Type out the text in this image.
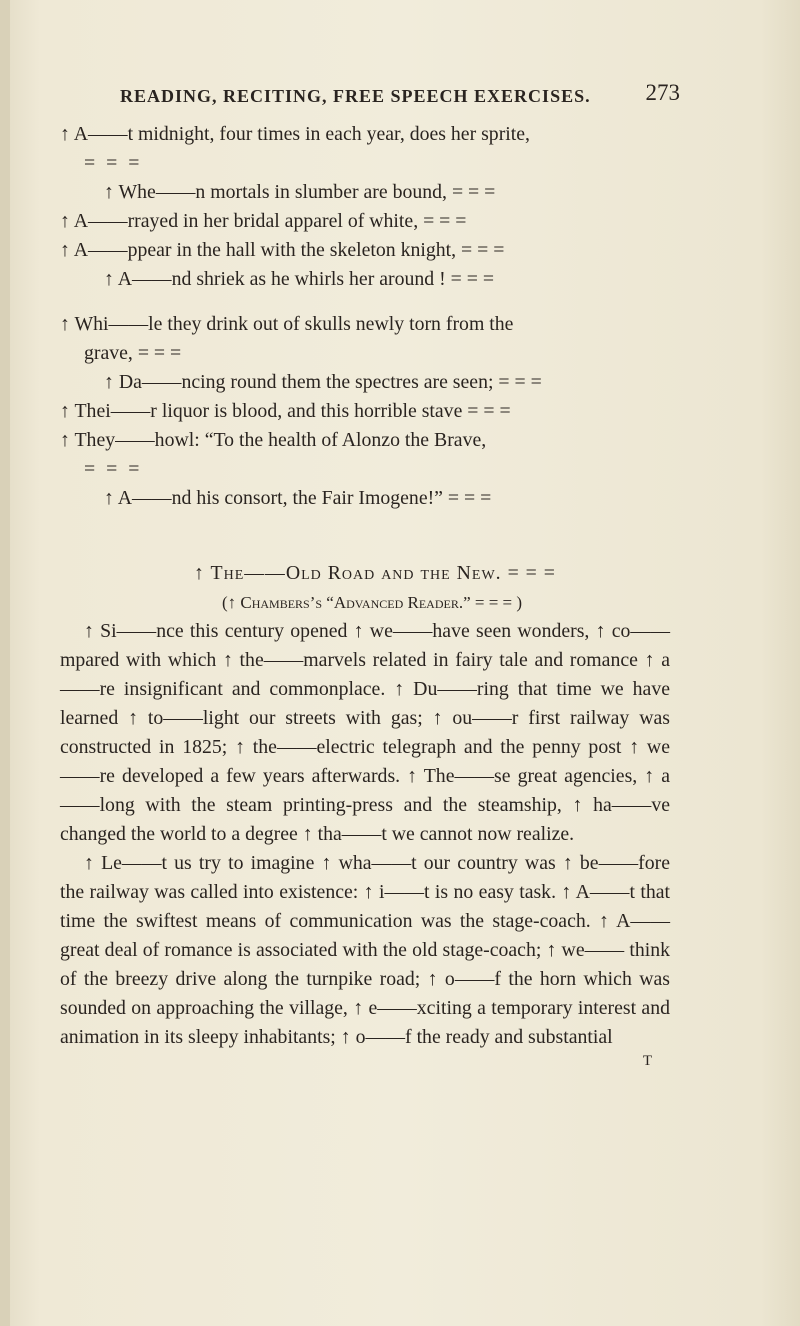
READING, RECITING, FREE SPEECH EXERCISES. 273
↑ A——t midnight, four times in each year, does her sprite,
= = =
↑ Whe——n mortals in slumber are bound, = = =
↑ A——rrayed in her bridal apparel of white, = = =
↑ A——ppear in the hall with the skeleton knight, = = =
↑ A——nd shriek as he whirls her around ! = = =
↑ Whi——le they drink out of skulls newly torn from the
grave, = = =
↑ Da——ncing round them the spectres are seen; = = =
↑ Thei——r liquor is blood, and this horrible stave = = =
↑ They——howl: “To the health of Alonzo the Brave,
= = =
↑ A——nd his consort, the Fair Imogene!” = = =
↑ The——Old Road and the New. = = =
(↑ Chambers’s “Advanced Reader.” = = = )

↑ Si——nce this century opened ↑ we——have seen wonders, ↑ co——mpared with which ↑ the——marvels related in fairy tale and romance ↑ a——re insignificant and commonplace. ↑ Du——ring that time we have learned ↑ to——light our streets with gas; ↑ ou——r first railway was constructed in 1825; ↑ the——electric telegraph and the penny post ↑ we——re developed a few years afterwards. ↑ The——se great agencies, ↑ a——long with the steam printing-press and the steamship, ↑ ha——ve changed the world to a degree ↑ tha——t we cannot now realize.

↑ Le——t us try to imagine ↑ wha——t our country was ↑ be——fore the railway was called into existence: ↑ i——t is no easy task. ↑ A——t that time the swiftest means of communication was the stage-coach. ↑ A——great deal of romance is associated with the old stage-coach; ↑ we—— think of the breezy drive along the turnpike road; ↑ o——f the horn which was sounded on approaching the village, ↑ e——xciting a temporary interest and animation in its sleepy inhabitants; ↑ o——f the ready and substantial

T
